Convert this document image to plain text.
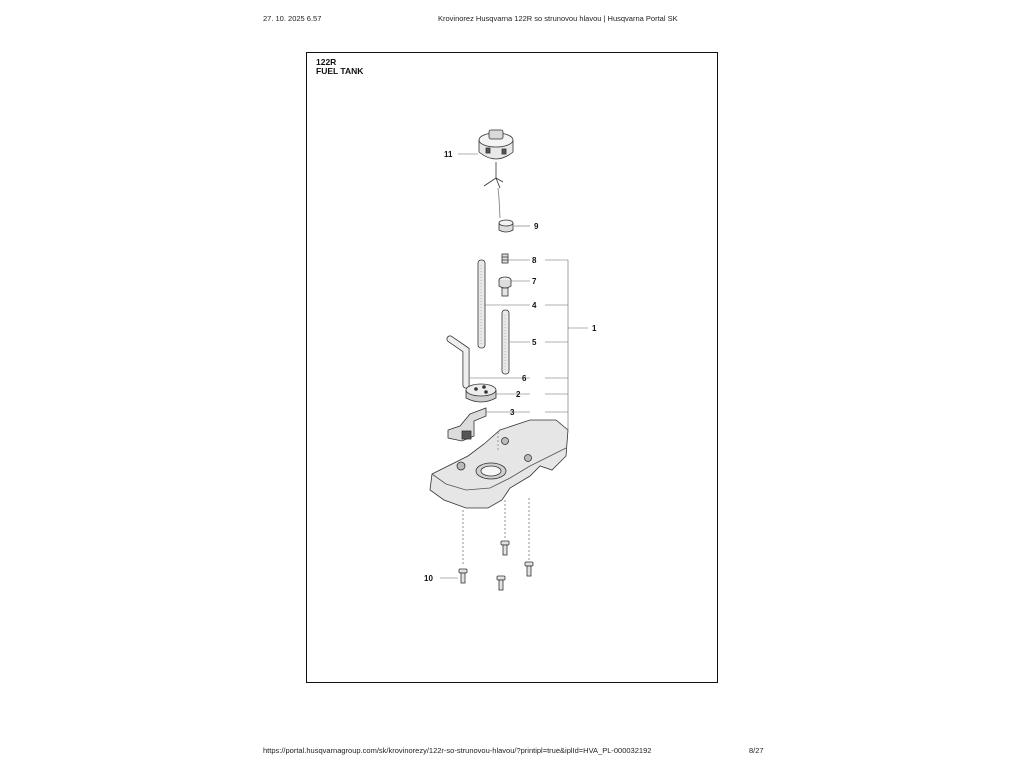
27. 10. 2025 6.57	Krovinorez Husqvarna 122R so strunovou hlavou | Husqvarna Portal SK
122R
FUEL TANK
11
9
8
7
4
5
1
6
2
3
10
https://portal.husqvarnagroup.com/sk/krovinorezy/122r-so-strunovou-hlavou/?printipl=true&iplId=HVA_PL-000032192	8/27
